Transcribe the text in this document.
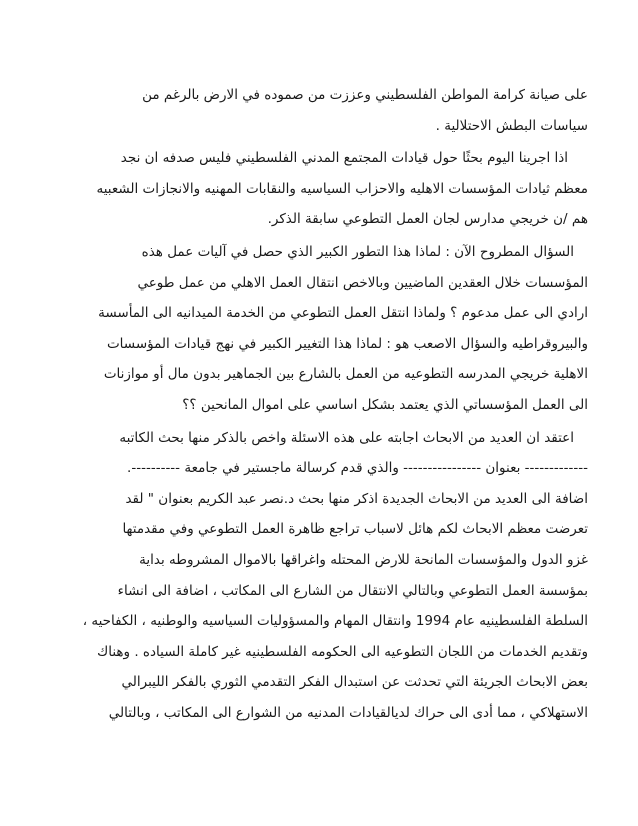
على صيانة كرامة المواطن الفلسطيني وعززت من صموده في الارض بالرغم من
سياسات البطش الاحتلالية .

اذا اجرينا اليوم بحثًا حول قيادات المجتمع المدني الفلسطيني فليس صدفه ان نجد
معظم ثيادات المؤسسات الاهليه والاحزاب السياسيه والنقابات المهنيه والانجازات الشعبيه
هم /ن خريجي مدارس لجان العمل التطوعي سابقة الذكر.

السؤال المطروح الآن : لماذا هذا التطور الكبير الذي حصل في آليات عمل هذه
المؤسسات خلال العقدين الماضيين وبالاخص انتقال العمل الاهلي من عمل طوعي
ارادي الى عمل مدعوم ؟ ولماذا انتقل العمل التطوعي من الخدمة الميدانيه الى المأسسة
والبيروقراطيه والسؤال الاصعب هو : لماذا هذا التغيير الكبير في نهج قيادات المؤسسات
الاهلية خريجي المدرسه التطوعيه من العمل بالشارع بين الجماهير بدون مال أو موازنات
الى العمل المؤسساتي الذي يعتمد بشكل اساسي على اموال المانحين ؟؟

اعتقد ان العديد من الابحاث اجابته على هذه الاسئلة واخص بالذكر منها بحث الكاتبه
------------- بعنوان ---------------- والذي قدم كرسالة ماجستير في جامعة ----------.
اضافة الى العديد من الابحاث الجديدة اذكر منها بحث د.نصر عبد الكريم بعنوان " لقد
تعرضت معظم الابحاث لكم هائل لاسباب تراجع ظاهرة العمل التطوعي وفي مقدمتها
غزو الدول والمؤسسات المانحة للارض المحتله واغراقها بالاموال المشروطه بداية
بمؤسسة العمل التطوعي وبالتالي الانتقال من الشارع الى المكاتب ، اضافة الى انشاء
السلطة الفلسطينيه عام 1994 وانتقال المهام والمسؤوليات السياسيه والوطنيه ، الكفاحيه ،
وتقديم الخدمات من اللجان التطوعيه الى الحكومه الفلسطينيه غير كاملة السياده . وهناك
بعض الابحاث الجريئة التي تحدثت عن استبدال الفكر التقدمي الثوري بالفكر الليبرالي
الاستهلاكي ، مما أدى الى حراك لديالقيادات المدنيه من الشوارع الى المكاتب ، وبالتالي
